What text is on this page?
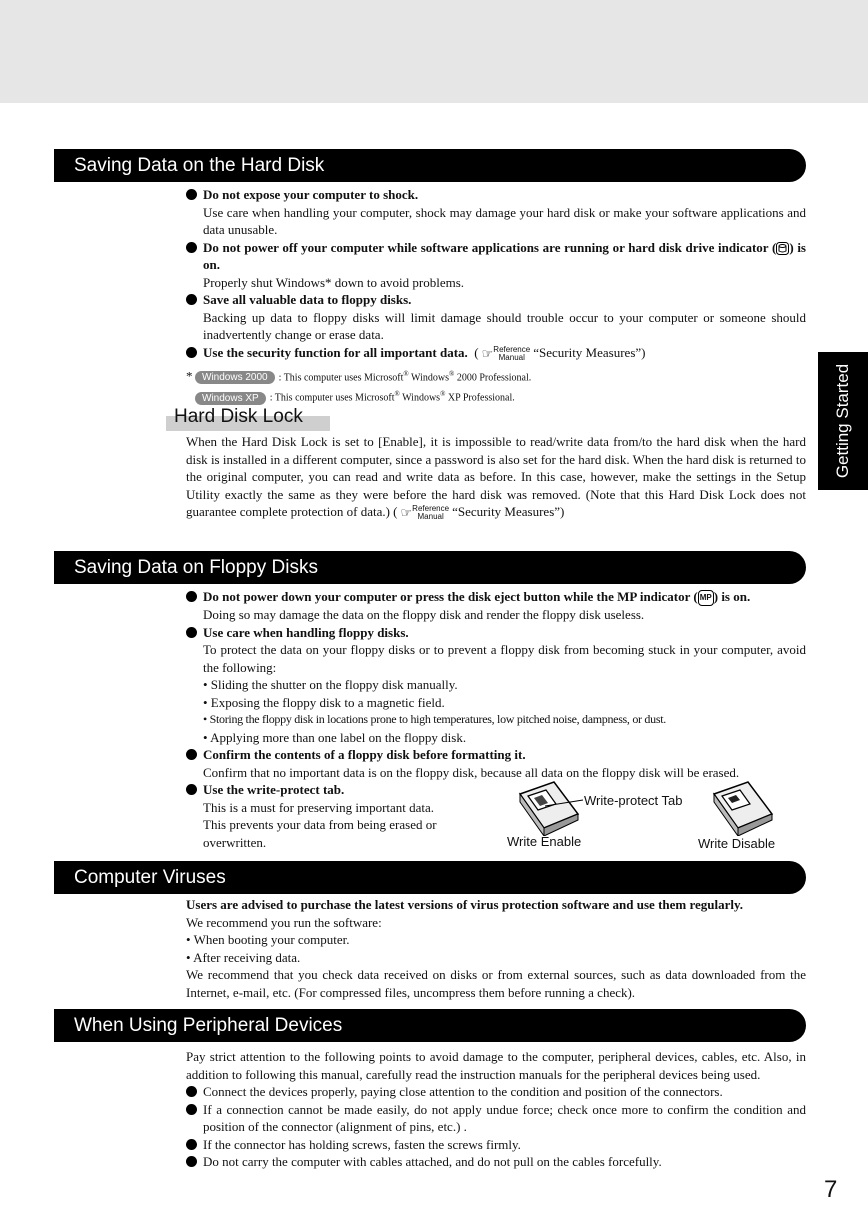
Getting Started
Saving Data on the Hard Disk
Do not expose your computer to shock.
Use care when handling your computer, shock may damage your hard disk or make your software applications and data unusable.
Do not power off your computer while software applications are running or hard disk drive indicator ( ) is on.
Properly shut Windows* down to avoid problems.
Save all valuable data to floppy disks.
Backing up data to floppy disks will limit damage should trouble occur to your computer or someone should inadvertently change or erase data.
Use the security function for all important data.  ( ☞Reference
Manual “Security Measures”)
* Windows 2000 : This computer uses Microsoft® Windows® 2000 Professional.
Windows XP : This computer uses Microsoft® Windows® XP Professional.
Hard Disk Lock
When the Hard Disk Lock is set to [Enable], it is impossible to read/write data from/to the hard disk when the hard disk is installed in a different computer, since a password is also set for the hard disk. When the hard disk is returned to the original computer, you can read and write data as before. In this case, however, make the settings in the Setup Utility exactly the same as they were before the hard disk was removed. (Note that this Hard Disk Lock does not guarantee complete protection of data.) ( ☞Reference
Manual “Security Measures”)
Saving Data on Floppy Disks
Do not power down your computer or press the disk eject button while the MP indicator ( MP ) is on.
Doing so may damage the data on the floppy disk and render the floppy disk useless.
Use care when handling floppy disks.
To protect the data on your floppy disks or to prevent a floppy disk from becoming stuck in your computer, avoid the following:
• Sliding the shutter on the floppy disk manually.
• Exposing the floppy disk to a magnetic field.
• Storing the floppy disk in locations prone to high temperatures, low pitched noise, dampness, or dust.
• Applying more than one label on the floppy disk.
Confirm the contents of a floppy disk before formatting it.
Confirm that no important data is on the floppy disk, because all data on the floppy disk will be erased.
Use the write-protect tab.
This is a must for preserving important data.
This prevents your data from being erased or
overwritten.
Write-protect Tab
Write Enable	Write Disable
Computer Viruses
Users are advised to purchase the latest versions of virus protection software and use them regularly.
We recommend you run the software:
• When booting your computer.
• After receiving data.
We recommend that you check data received on disks or from external sources, such as data downloaded from the Internet, e-mail, etc. (For compressed files, uncompress them before running a check).
When Using Peripheral Devices
Pay strict attention to the following points to avoid damage to the computer, peripheral devices, cables, etc. Also, in addition to following this manual, carefully read the instruction manuals for the peripheral devices being used.
Connect the devices properly, paying close attention to the condition and position of the connectors.
If a connection cannot be made easily, do not apply undue force; check once more to confirm the condition and position of the connector (alignment of pins, etc.) .
If the connector has holding screws, fasten the screws firmly.
Do not carry the computer with cables attached, and do not pull on the cables forcefully.
7
